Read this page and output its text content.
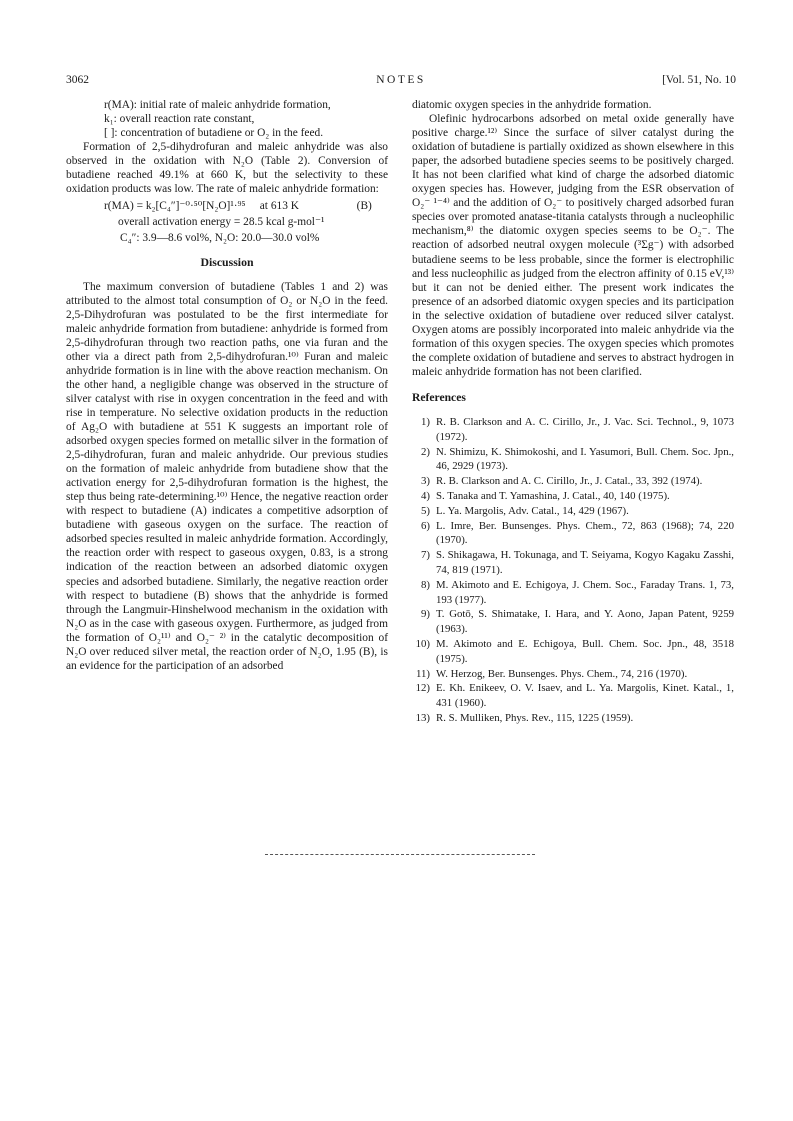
3062	NOTES	[Vol. 51, No. 10
r(MA): initial rate of maleic anhydride formation,
k₁: overall reaction rate constant,
[ ]: concentration of butadiene or O₂ in the feed.

Formation of 2,5-dihydrofuran and maleic anhydride was also observed in the oxidation with N₂O (Table 2). Conversion of butadiene reached 49.1% at 660 K, but the selectivity to these oxidation products was low. The rate of maleic anhydride formation:

r(MA) = k₂[C₄″]⁻⁰·⁵⁰[N₂O]¹·⁹⁵ at 613 K	(B)
overall activation energy = 28.5 kcal g-mol⁻¹
C₄″: 3.9—8.6 vol%, N₂O: 20.0—30.0 vol%
Discussion

The maximum conversion of butadiene (Tables 1 and 2) was attributed to the almost total consumption of O₂ or N₂O in the feed. 2,5-Dihydrofuran was postulated to be the first intermediate for maleic anhydride formation from butadiene: anhydride is formed from 2,5-dihydrofuran through two reaction paths, one via furan and the other via a direct path from 2,5-dihydrofuran.¹⁰⁾ Furan and maleic anhydride formation is in line with the above reaction mechanism. On the other hand, a negligible change was observed in the structure of silver catalyst with rise in oxygen concentration in the feed and with rise in temperature. No selective oxidation products in the reduction of Ag₂O with butadiene at 551 K suggests an important role of adsorbed oxygen species formed on metallic silver in the formation of 2,5-dihydrofuran, furan and maleic anhydride. Our previous studies on the formation of maleic anhydride from butadiene show that the activation energy for 2,5-dihydrofuran formation is the highest, the step thus being rate-determining.¹⁰⁾ Hence, the negative reaction order with respect to butadiene (A) indicates a competitive adsorption of butadiene with gaseous oxygen on the surface. The reaction of adsorbed species resulted in maleic anhydride formation. Accordingly, the reaction order with respect to gaseous oxygen, 0.83, is a strong indication of the reaction between an adsorbed diatomic oxygen species and adsorbed butadiene. Similarly, the negative reaction order with respect to butadiene (B) shows that the anhydride is formed through the Langmuir-Hinshelwood mechanism in the oxidation with N₂O as in the case with gaseous oxygen. Furthermore, as judged from the formation of O₂¹¹⁾ and O₂⁻ ²⁾ in the catalytic decomposition of N₂O over reduced silver metal, the reaction order of N₂O, 1.95 (B), is an evidence for the participation of an adsorbed

diatomic oxygen species in the anhydride formation.

Olefinic hydrocarbons adsorbed on metal oxide generally have positive charge.¹²⁾ Since the surface of silver catalyst during the oxidation of butadiene is partially oxidized as shown elsewhere in this paper, the adsorbed butadiene species seems to be positively charged. It has not been clarified what kind of charge the adsorbed diatomic oxygen species has. However, judging from the ESR observation of O₂⁻ ¹⁻⁴⁾ and the addition of O₂⁻ to positively charged adsorbed furan species over promoted anatase-titania catalysts through a nucleophilic mechanism,⁸⁾ the diatomic oxygen species seems to be O₂⁻. The reaction of adsorbed neutral oxygen molecule (³Σg⁻) with adsorbed butadiene seems to be less probable, since the former is electrophilic and less nucleophilic as judged from the electron affinity of 0.15 eV,¹³⁾ but it can not be denied either. The present work indicates the presence of an adsorbed diatomic oxygen species and its participation in the selective oxidation of butadiene over reduced silver catalyst. Oxygen atoms are possibly incorporated into maleic anhydride via the formation of this oxygen species. The oxygen species which promotes the complete oxidation of butadiene and serves to abstract hydrogen in maleic anhydride formation has not been clarified.

References
1) R. B. Clarkson and A. C. Cirillo, Jr., J. Vac. Sci. Technol., 9, 1073 (1972).
2) N. Shimizu, K. Shimokoshi, and I. Yasumori, Bull. Chem. Soc. Jpn., 46, 2929 (1973).
3) R. B. Clarkson and A. C. Cirillo, Jr., J. Catal., 33, 392 (1974).
4) S. Tanaka and T. Yamashina, J. Catal., 40, 140 (1975).
5) L. Ya. Margolis, Adv. Catal., 14, 429 (1967).
6) L. Imre, Ber. Bunsenges. Phys. Chem., 72, 863 (1968); 74, 220 (1970).
7) S. Shikagawa, H. Tokunaga, and T. Seiyama, Kogyo Kagaku Zasshi, 74, 819 (1971).
8) M. Akimoto and E. Echigoya, J. Chem. Soc., Faraday Trans. 1, 73, 193 (1977).
9) T. Gotō, S. Shimatake, I. Hara, and Y. Aono, Japan Patent, 9259 (1963).
10) M. Akimoto and E. Echigoya, Bull. Chem. Soc. Jpn., 48, 3518 (1975).
11) W. Herzog, Ber. Bunsenges. Phys. Chem., 74, 216 (1970).
12) E. Kh. Enikeev, O. V. Isaev, and L. Ya. Margolis, Kinet. Katal., 1, 431 (1960).
13) R. S. Mulliken, Phys. Rev., 115, 1225 (1959).
